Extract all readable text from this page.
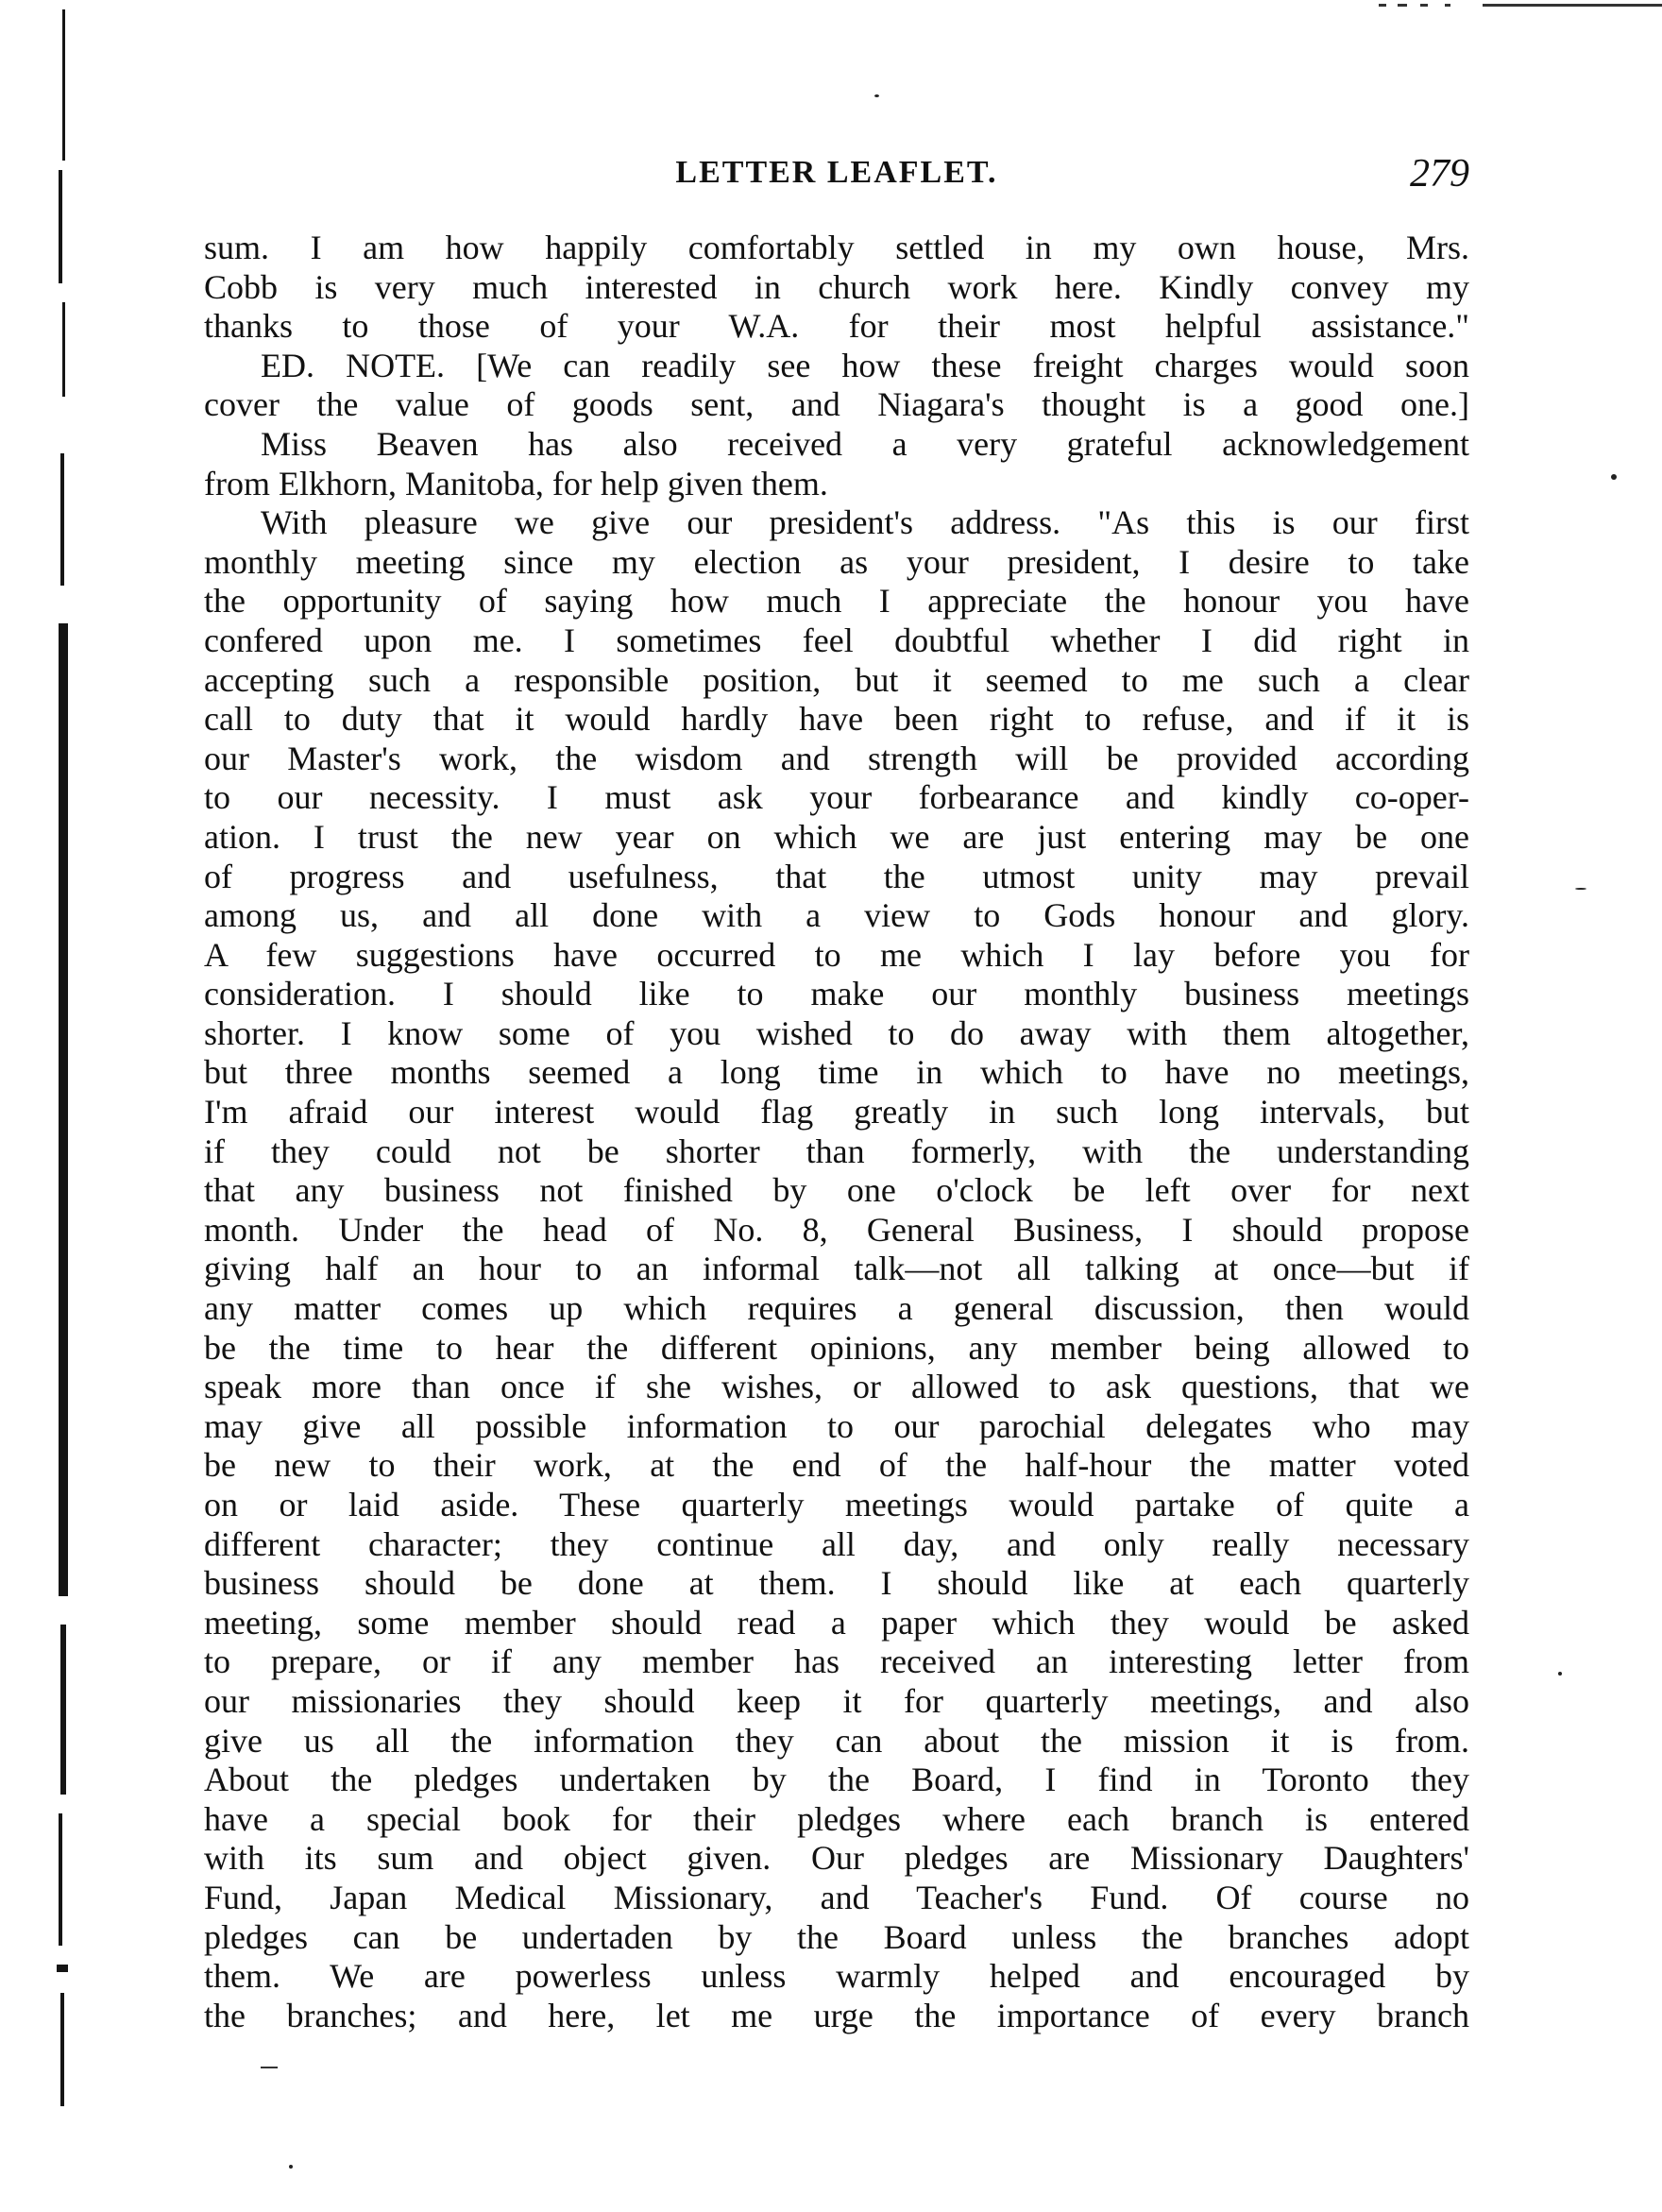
LETTER LEAFLET.	279
sum. I am how happily comfortably settled in my own house, Mrs.
Cobb is very much interested in church work here. Kindly convey my
thanks to those of your W.A. for their most helpful assistance."
ED. NOTE. [We can readily see how these freight charges would soon
cover the value of goods sent, and Niagara's thought is a good one.]
Miss Beaven has also received a very grateful acknowledgement
from Elkhorn, Manitoba, for help given them.
With pleasure we give our president's address. "As this is our first
monthly meeting since my election as your president, I desire to take
the opportunity of saying how much I appreciate the honour you have
confered upon me. I sometimes feel doubtful whether I did right in
accepting such a responsible position, but it seemed to me such a clear
call to duty that it would hardly have been right to refuse, and if it is
our Master's work, the wisdom and strength will be provided according
to our necessity. I must ask your forbearance and kindly co-oper-
ation. I trust the new year on which we are just entering may be one
of progress and usefulness, that the utmost unity may prevail
among us, and all done with a view to Gods honour and glory.
A few suggestions have occurred to me which I lay before you for
consideration. I should like to make our monthly business meetings
shorter. I know some of you wished to do away with them altogether,
but three months seemed a long time in which to have no meetings,
I'm afraid our interest would flag greatly in such long intervals, but
if they could not be shorter than formerly, with the understanding
that any business not finished by one o'clock be left over for next
month. Under the head of No. 8, General Business, I should propose
giving half an hour to an informal talk—not all talking at once—but if
any matter comes up which requires a general discussion, then would
be the time to hear the different opinions, any member being allowed to
speak more than once if she wishes, or allowed to ask questions, that we
may give all possible information to our parochial delegates who may
be new to their work, at the end of the half-hour the matter voted
on or laid aside. These quarterly meetings would partake of quite a
different character; they continue all day, and only really necessary
business should be done at them. I should like at each quarterly
meeting, some member should read a paper which they would be asked
to prepare, or if any member has received an interesting letter from
our missionaries they should keep it for quarterly meetings, and also
give us all the information they can about the mission it is from.
About the pledges undertaken by the Board, I find in Toronto they
have a special book for their pledges where each branch is entered
with its sum and object given. Our pledges are Missionary Daughters'
Fund, Japan Medical Missionary, and Teacher's Fund. Of course no
pledges can be undertaden by the Board unless the branches adopt
them. We are powerless unless warmly helped and encouraged by
the branches; and here, let me urge the importance of every branch
